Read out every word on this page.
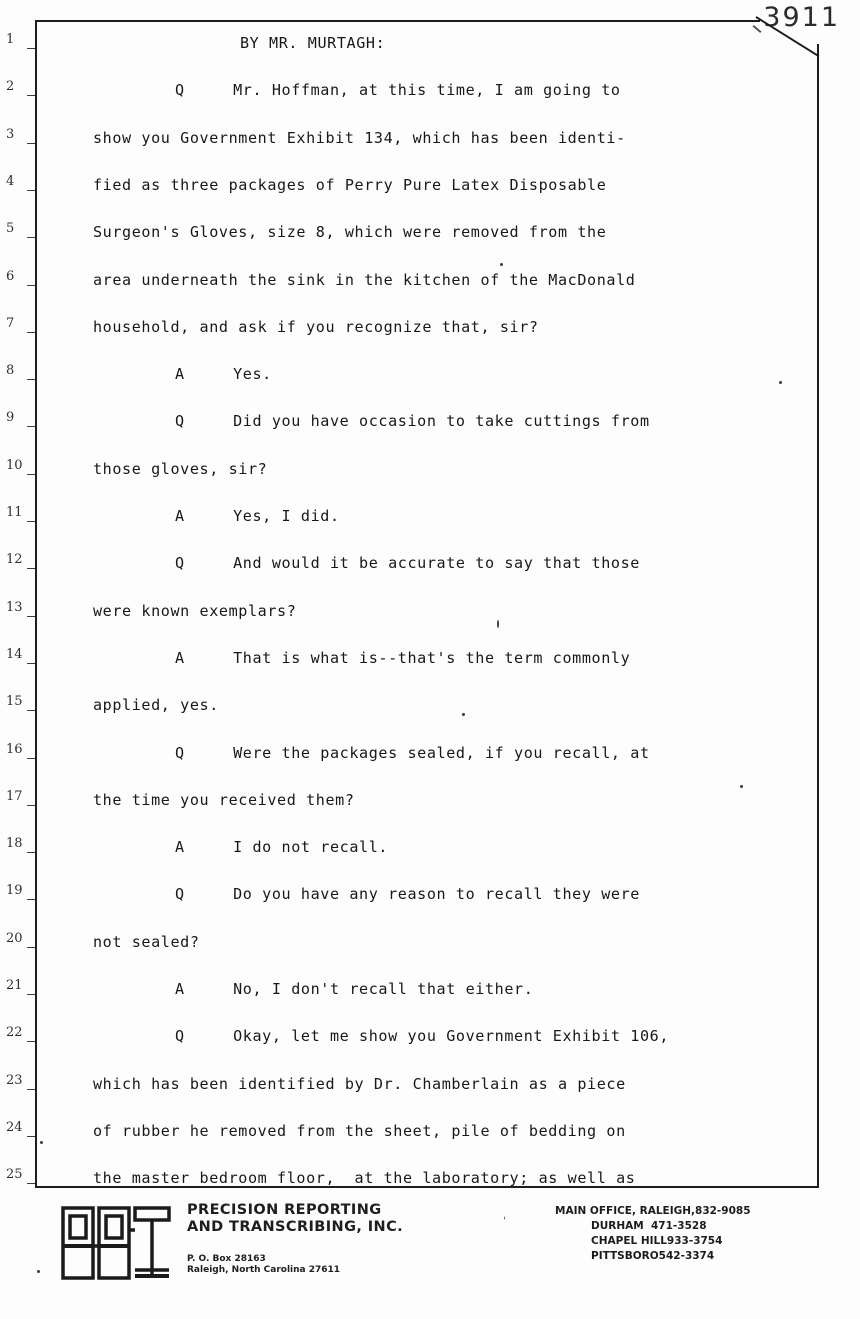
3911
1
2
3
4
5
6
7
8
9
10
11
12
13
14
15
16
17
18
19
20
21
22
23
24
25
BY MR. MURTAGH:
Q     Mr. Hoffman, at this time, I am going to
show you Government Exhibit 134, which has been identi-
fied as three packages of Perry Pure Latex Disposable
Surgeon's Gloves, size 8, which were removed from the
area underneath the sink in the kitchen of the MacDonald
household, and ask if you recognize that, sir?
A     Yes.
Q     Did you have occasion to take cuttings from
those gloves, sir?
A     Yes, I did.
Q     And would it be accurate to say that those
were known exemplars?
A     That is what is--that's the term commonly
applied, yes.
Q     Were the packages sealed, if you recall, at
the time you received them?
A     I do not recall.
Q     Do you have any reason to recall they were
not sealed?
A     No, I don't recall that either.
Q     Okay, let me show you Government Exhibit 106,
which has been identified by Dr. Chamberlain as a piece
of rubber he removed from the sheet, pile of bedding on
the master bedroom floor,  at the laboratory; as well as
PRECISION REPORTING
AND TRANSCRIBING, INC.
P. O. Box 28163
Raleigh, North Carolina 27611
ʹ
MAIN OFFICE, RALEIGH,832-9085
DURHAM 471-3528
CHAPEL HILL933-3754
PITTSBORO542-3374
